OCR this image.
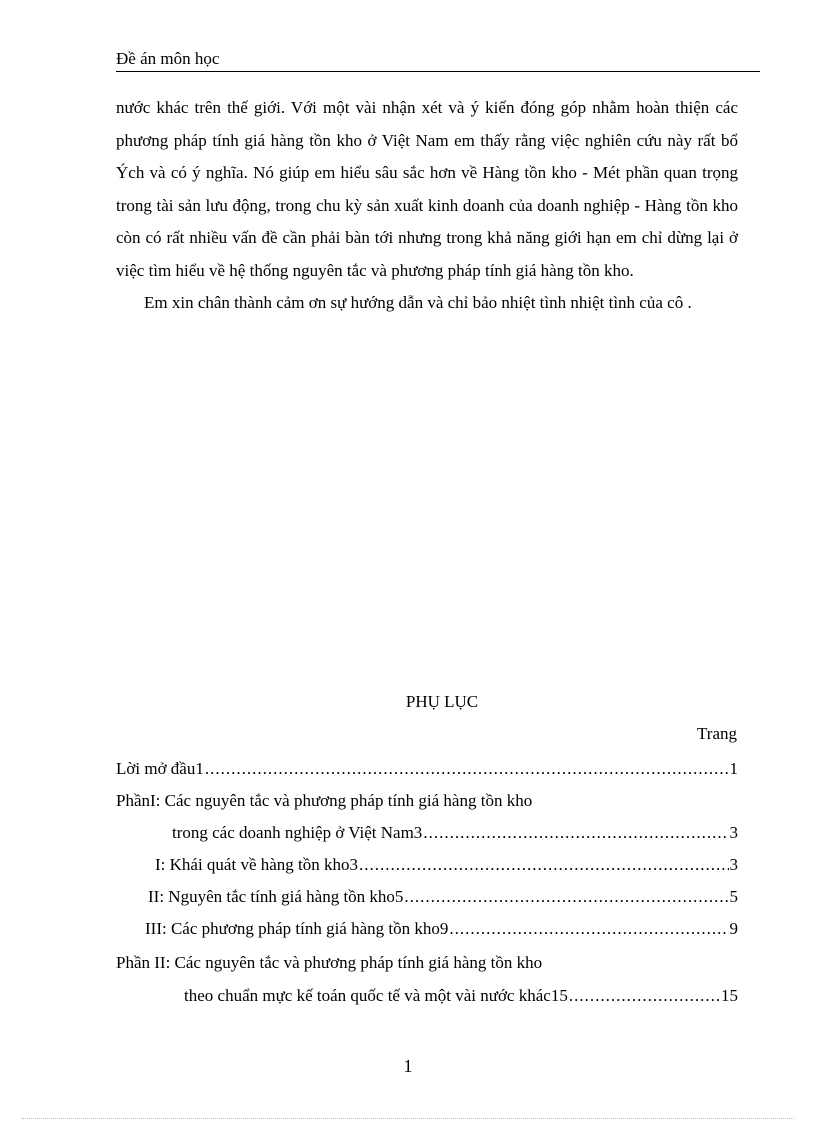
Đề án môn học

nước khác trên thế giới. Với một vài nhận xét và ý kiến đóng góp nhằm hoàn thiện các phương pháp tính giá hàng tồn kho ở Việt Nam em thấy rằng việc nghiên cứu này rất bổ Ých và có ý nghĩa. Nó giúp em hiểu sâu sắc hơn về Hàng tồn kho - Mét phần quan trọng trong tài sản lưu động, trong chu kỳ sản xuất kinh doanh của doanh nghiệp - Hàng tồn kho còn có rất nhiều vấn đề cần phải bàn tới nhưng trong khả năng giới hạn em chỉ dừng lại ở việc tìm hiểu về hệ thống nguyên tắc và phương pháp tính giá hàng tồn kho.

Em xin chân thành cảm ơn sự hướng dẫn và chỉ bảo nhiệt tình nhiệt tình của cô .

PHỤ LỤC
Trang
Lời mở đầu1 .....	1
PhầnI: Các nguyên tắc và phương pháp tính giá hàng tồn kho
trong các doanh nghiệp ở Việt Nam3 .....	3
I: Khái quát về hàng tồn kho3 .....	3
II: Nguyên tắc tính giá hàng tồn kho5 .....	5
III: Các phương pháp tính giá hàng tồn kho9 .....	9
Phần II: Các nguyên tắc và phương pháp tính giá hàng tồn kho
theo chuẩn mực kế toán quốc tế và một vài nước khác15 .....	15
1
